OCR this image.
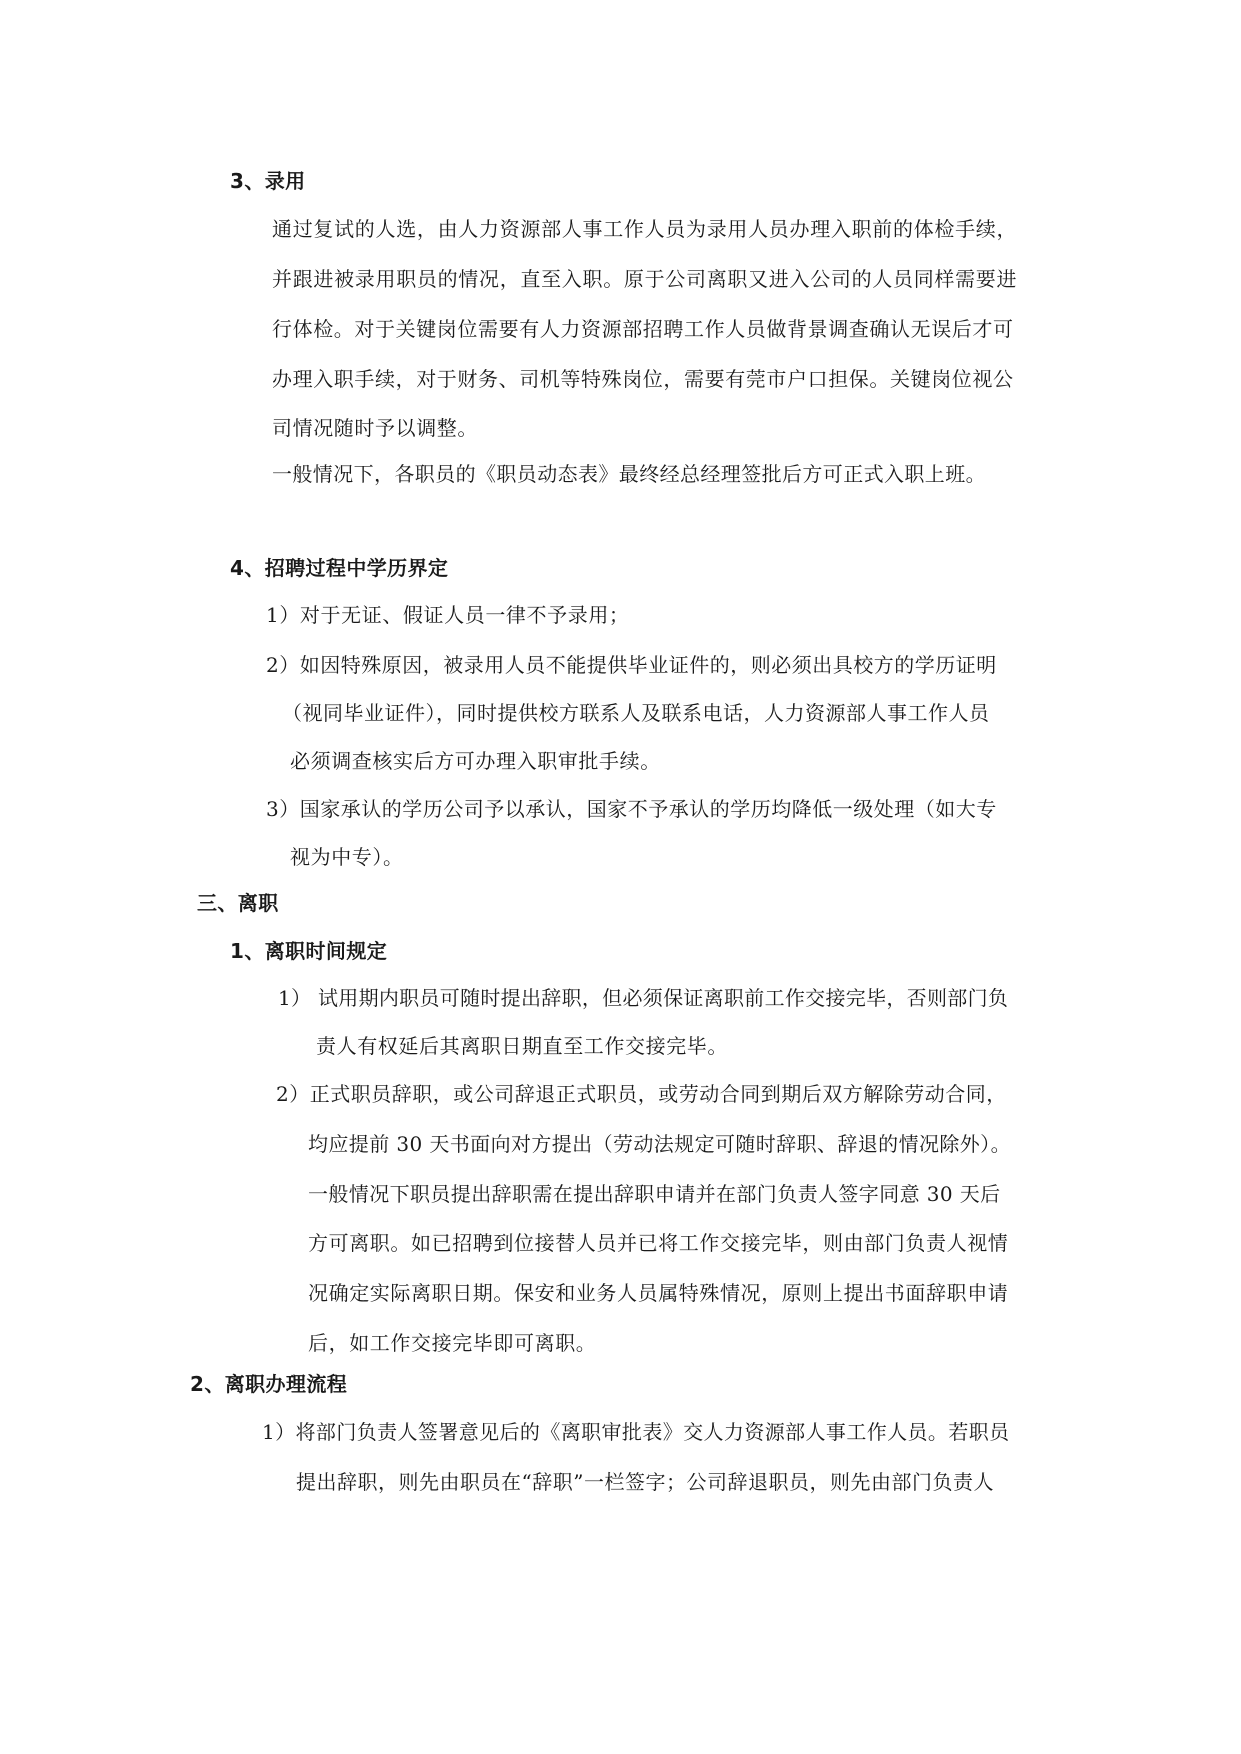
3、录用
通过复试的人选，由人力资源部人事工作人员为录用人员办理入职前的体检手续，
并跟进被录用职员的情况，直至入职。原于公司离职又进入公司的人员同样需要进
行体检。对于关键岗位需要有人力资源部招聘工作人员做背景调查确认无误后才可
办理入职手续，对于财务、司机等特殊岗位，需要有莞市户口担保。关键岗位视公
司情况随时予以调整。
一般情况下，各职员的《职员动态表》最终经总经理签批后方可正式入职上班。
4、招聘过程中学历界定
1）对于无证、假证人员一律不予录用；
2）如因特殊原因，被录用人员不能提供毕业证件的，则必须出具校方的学历证明
（视同毕业证件），同时提供校方联系人及联系电话，人力资源部人事工作人员
必须调查核实后方可办理入职审批手续。
3）国家承认的学历公司予以承认，国家不予承认的学历均降低一级处理（如大专
视为中专）。
三、离职
1、离职时间规定
1） 试用期内职员可随时提出辞职，但必须保证离职前工作交接完毕，否则部门负
责人有权延后其离职日期直至工作交接完毕。
2）正式职员辞职，或公司辞退正式职员，或劳动合同到期后双方解除劳动合同，
均应提前 30 天书面向对方提出（劳动法规定可随时辞职、辞退的情况除外）。
一般情况下职员提出辞职需在提出辞职申请并在部门负责人签字同意 30 天后
方可离职。如已招聘到位接替人员并已将工作交接完毕，则由部门负责人视情
况确定实际离职日期。保安和业务人员属特殊情况，原则上提出书面辞职申请
后，如工作交接完毕即可离职。
2、离职办理流程
1）将部门负责人签署意见后的《离职审批表》交人力资源部人事工作人员。若职员
提出辞职，则先由职员在“辞职”一栏签字；公司辞退职员，则先由部门负责人
